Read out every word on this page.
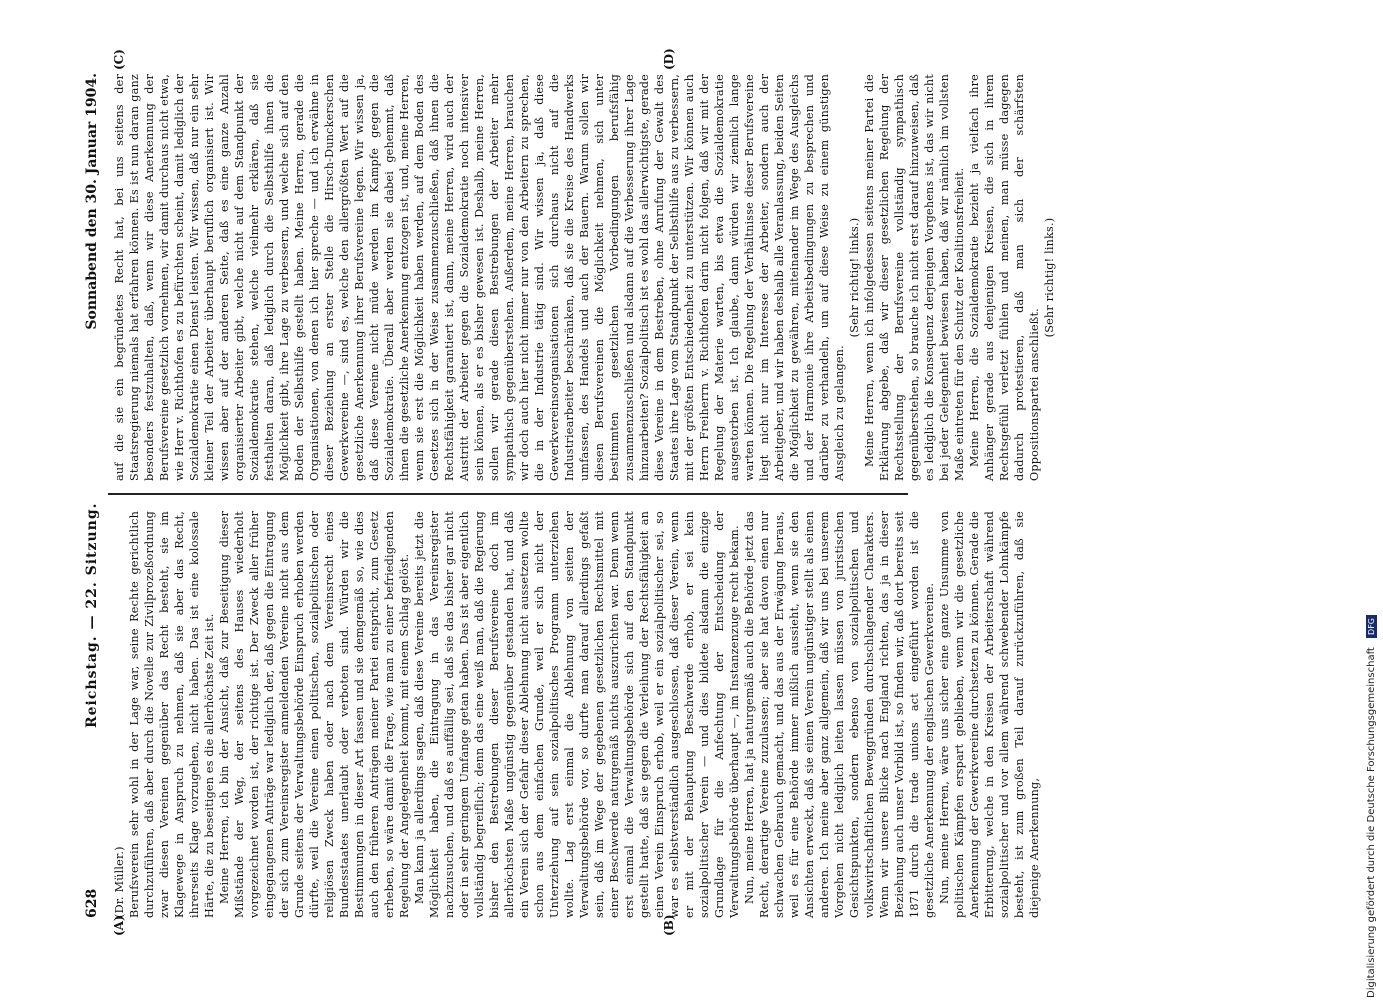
628
Reichstag. — 22. Sitzung.
Sonnabend den 30. Januar 1904.
(A)	(B)
(C)	(D)

(Dr. Müller.) Berufsverein sehr wohl in der Lage war, seine Rechte gerichtlich durchzuführen, daß aber durch die Novelle zur Zivilprozeßordnung zwar diesen Vereinen gegenüber das Recht besteht, sie im Klagewege in Anspruch zu nehmen, daß sie aber das Recht, ihrerseits Klage vorzugehen, nicht haben. Das ist eine kolossale Härte, die zu beseitigen es die allerhöchste Zeit ist. Meine Herren, ich bin der Ansicht, daß zur Beseitigung dieser Mißstände der Weg, der seitens des Hauses wiederholt vorgezeichnet worden ist, der richtige ist. Der Zweck aller früher eingegangenen Anträge war lediglich der, daß gegen die Eintragung der sich zum Vereinsregister anmeldenden Vereine nicht aus dem Grunde seitens der Verwaltungsbehörde Einspruch erhoben werden dürfte, weil die Vereine einen politischen, sozialpolitischen oder religiösen Zweck haben oder nach dem Vereinsrecht eines Bundesstaates unerlaubt oder verboten sind. Würden wir die Bestimmungen in dieser Art fassen und sie demgemäß so, wie dies auch den früheren Anträgen meiner Partei entspricht, zum Gesetz erheben, so wäre damit die Frage, wie man zu einer befriedigenden Regelung der Angelegenheit kommt, mit einem Schlag gelöst. Man kann ja allerdings sagen, daß diese Vereine bereits jetzt die Möglichkeit haben, die Eintragung in das Vereinsregister nachzusuchen, und daß es auffällig sei, daß sie das bisher gar nicht oder in sehr geringem Umfange getan haben. Das ist aber eigentlich vollständig begreiflich; denn das eine weiß man, daß die Regierung bisher den Bestrebungen dieser Berufsvereine doch im allerhöchsten Maße ungünstig gegenüber gestanden hat, und daß ein Verein sich der Gefahr dieser Ablehnung nicht aussetzen wollte schon aus dem einfachen Grunde, weil er sich nicht der Unterziehung auf sein sozialpolitisches Programm unterziehen wollte. Lag erst einmal die Ablehnung von seiten der Verwaltungsbehörde vor, so durfte man darauf allerdings gefaßt sein, daß im Wege der gegebenen gesetzlichen Rechtsmittel mit einer Beschwerde naturgemäß nichts auszurichten war. Denn wenn erst einmal die Verwaltungsbehörde sich auf den Standpunkt gestellt hatte, daß sie gegen die Verleihung der Rechtsfähigkeit an einen Verein Einspruch erhob, weil er ein sozialpolitischer sei, so war es selbstverständlich ausgeschlossen, daß dieser Verein, wenn er mit der Behauptung Beschwerde erhob, er sei kein sozialpolitischer Verein — und dies bildete alsdann die einzige Grundlage für die Anfechtung der Entscheidung der Verwaltungsbehörde überhaupt —, im Instanzenzuge recht bekam. Nun, meine Herren, hat ja naturgemäß auch die Behörde jetzt das Recht, derartige Vereine zuzulassen; aber sie hat davon einen nur schwachen Gebrauch gemacht, und das aus der Erwägung heraus, weil es für eine Behörde immer mißlich aussieht, wenn sie den Ansichten erweckt, daß sie einen Verein ungünstiger stellt als einen anderen. Ich meine aber ganz allgemein, daß wir uns bei unserem Vorgehen nicht lediglich leiten lassen müssen von juristischen Gesichtspunkten, sondern ebenso von sozialpolitischen und volkswirtschaftlichen Beweggründen durchschlagender Charakters. Wenn wir unsere Blicke nach England richten, das ja in dieser Beziehung auch unser Vorbild ist, so finden wir, daß dort bereits seit 1871 durch die trade unions act eingeführt worden ist die gesetzliche Anerkennung der englischen Gewerkvereine. Nun, meine Herren, wäre uns sicher eine ganze Unsumme von politischen Kämpfen erspart geblieben, wenn wir die gesetzliche Anerkennung der Gewerkvereine durchsetzen zu können. Gerade die Erbitterung, welche in den Kreisen der Arbeiterschaft während sozialpolitischer und vor allem während schwebender Lohnkämpfe besteht, ist zum großen Teil darauf zurückzuführen, daß sie diejenige Anerkennung,

auf die sie ein begründetes Recht hat, bei uns seitens der Staatsregierung niemals hat erfahren können. Es ist nun daran ganz besonders festzuhalten, daß, wenn wir diese Anerkennung der Berufsvereine gesetzlich vornehmen, wir damit durchaus nicht etwa, wie Herr v. Richthofen es zu befürchten scheint, damit lediglich der Sozialdemokratie einen Dienst leisten. Wir wissen, daß nur ein sehr kleiner Teil der Arbeiter überhaupt beruflich organisiert ist. Wir wissen aber auf der anderen Seite, daß es eine ganze Anzahl organisierter Arbeiter gibt, welche nicht auf dem Standpunkt der Sozialdemokratie stehen, welche vielmehr erklären, daß sie festhalten daran, daß lediglich durch die Selbsthilfe ihnen die Möglichkeit gibt, ihre Lage zu verbessern, und welche sich auf den Boden der Selbsthilfe gestellt haben. Meine Herren, gerade die Organisationen, von denen ich hier spreche — und ich erwähne in dieser Beziehung an erster Stelle die Hirsch-Dunckerschen Gewerkvereine —, sind es, welche den allergrößten Wert auf die gesetzliche Anerkennung ihrer Berufsvereine legen. Wir wissen ja, daß diese Vereine nicht müde werden im Kampfe gegen die Sozialdemokratie. Überall aber werden sie dabei gehemmt, daß ihnen die gesetzliche Anerkennung entzogen ist, und, meine Herren, wenn sie erst die Möglichkeit haben werden, auf dem Boden des Gesetzes sich in der Weise zusammenzuschließen, daß ihnen die Rechtsfähigkeit garantiert ist, dann, meine Herren, wird auch der Austritt der Arbeiter gegen die Sozialdemokratie noch intensiver sein können, als er es bisher gewesen ist. Deshalb, meine Herren, sollen wir gerade diesen Bestrebungen der Arbeiter mehr sympathisch gegenüberstehen. Außerdem, meine Herren, brauchen wir doch auch hier nicht immer nur von den Arbeitern zu sprechen, die in der Industrie tätig sind. Wir wissen ja, daß diese Gewerkvereinsorganisationen sich durchaus nicht auf die Industriearbeiter beschränken, daß sie die Kreise des Handwerks umfassen, des Handels und auch der Bauern. Warum sollen wir diesen Berufsvereinen die Möglichkeit nehmen, sich unter bestimmten gesetzlichen Vorbedingungen berufsfähig zusammenzuschließen und alsdann auf die Verbesserung ihrer Lage hinzuarbeiten? Sozialpolitisch ist es wohl das allerwichtigste, gerade diese Vereine in dem Bestreben, ohne Anrufung der Gewalt des Staates ihre Lage vom Standpunkt der Selbsthilfe aus zu verbessern, mit der größten Entschiedenheit zu unterstützen. Wir können auch Herrn Freiherrn v. Richthofen darin nicht folgen, daß wir mit der Regelung der Materie warten, bis etwa die Sozialdemokratie ausgestorben ist. Ich glaube, dann würden wir ziemlich lange warten können. Die Regelung der Verhältnisse dieser Berufsvereine liegt nicht nur im Interesse der Arbeiter, sondern auch der Arbeitgeber, und wir haben deshalb alle Veranlassung, beiden Seiten die Möglichkeit zu gewähren, miteinander im Wege des Ausgleichs und der Harmonie ihre Arbeitsbedingungen zu besprechen und darüber zu verhandeln, um auf diese Weise zu einem günstigen Ausgleich zu gelangen.

(Sehr richtig! links.) Meine Herren, wenn ich infolgedessen seitens meiner Partei die Erklärung abgebe, daß wir dieser gesetzlichen Regelung der Rechtsstellung der Berufsvereine vollständig sympathisch gegenüberstehen, so brauche ich nicht erst darauf hinzuweisen, daß es lediglich die Konsequenz derjenigen Vorgehens ist, das wir nicht bei jeder Gelegenheit bewiesen haben, daß wir nämlich im vollsten Maße eintreten für den Schutz der Koalitionsfreiheit. Meine Herren, die Sozialdemokratie bezieht ja vielfach ihre Anhänger gerade aus denjenigen Kreisen, die sich in ihrem Rechtsgefühl verletzt fühlen und meinen, man müsse dagegen dadurch protestieren, daß man sich der schärfsten Oppositionspartei anschließt.

(Sehr richtig! links.)

Digitalisierung gefördert durch die Deutsche Forschungsgemeinschaft DFG
